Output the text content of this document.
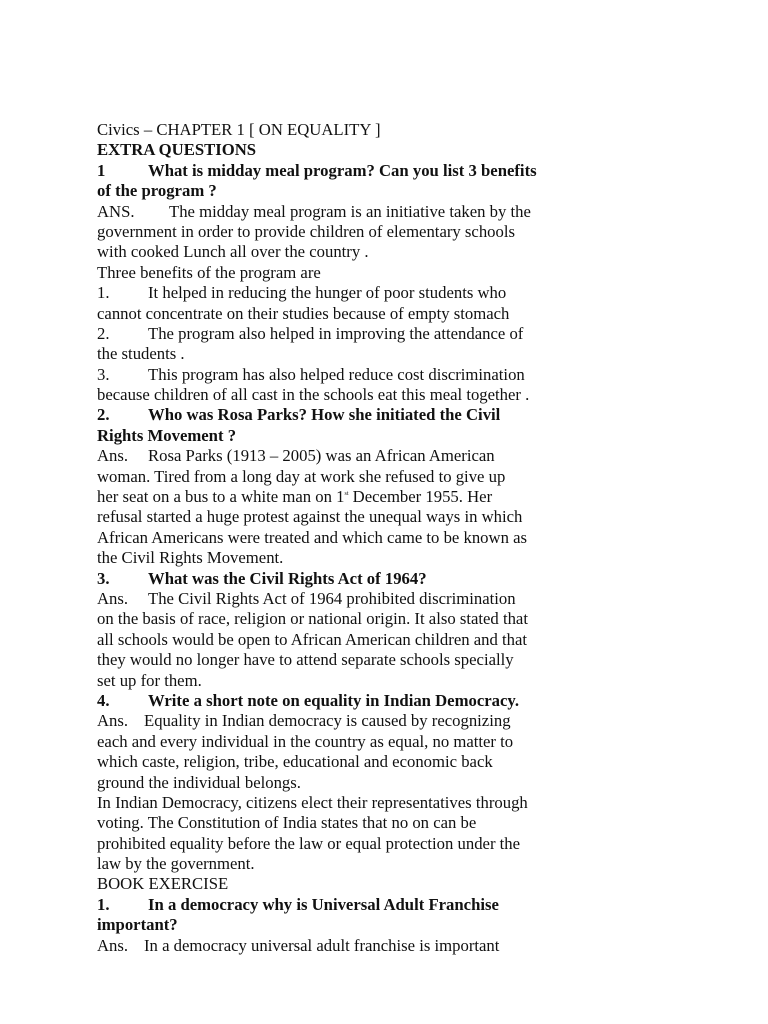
Civics – CHAPTER 1 [ ON EQUALITY ]
EXTRA QUESTIONS
1	What is midday meal program? Can you list 3 benefits
of the program ?
ANS. The midday meal program is an initiative taken by the
government in order to provide children of elementary schools
with cooked Lunch all over the country .
Three benefits of the program are
1. It helped in reducing the hunger of poor students who
cannot concentrate on their studies because of empty stomach
2. The program also helped in improving the attendance of
the students .
3. This program has also helped reduce cost discrimination
because children of all cast in the schools eat this meal together .
2. Who was Rosa Parks? How she initiated the Civil
Rights Movement ?
Ans. Rosa Parks (1913 – 2005) was an African American
woman. Tired from a long day at work she refused to give up
her seat on a bus to a white man on 1st December 1955. Her
refusal started a huge protest against the unequal ways in which
African Americans were treated and which came to be known as
the Civil Rights Movement.
3. What was the Civil Rights Act of 1964?
Ans. The Civil Rights Act of 1964 prohibited discrimination
on the basis of race, religion or national origin. It also stated that
all schools would be open to African American children and that
they would no longer have to attend separate schools specially
set up for them.
4. Write a short note on equality in Indian Democracy.
Ans. Equality in Indian democracy is caused by recognizing
each and every individual in the country as equal, no matter to
which caste, religion, tribe, educational and economic back
ground the individual belongs.
In Indian Democracy, citizens elect their representatives through
voting. The Constitution of India states that no on can be
prohibited equality before the law or equal protection under the
law by the government.
BOOK EXERCISE
1. In a democracy why is Universal Adult Franchise
important?
Ans. In a democracy universal adult franchise is important
